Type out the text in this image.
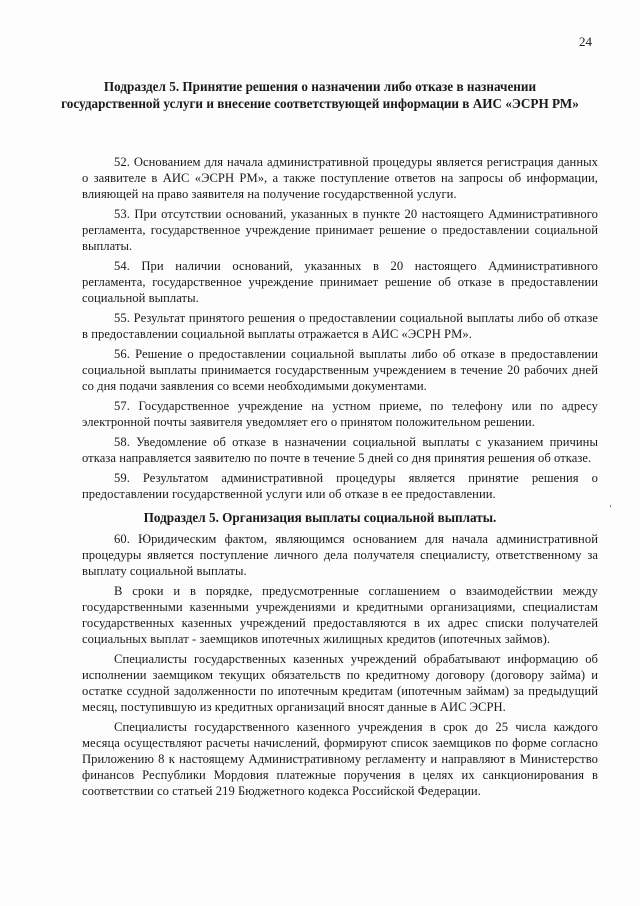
24
Подраздел 5. Принятие решения о назначении либо отказе в назначении государственной услуги и внесение соответствующей информации в АИС «ЭСРН РМ»

52. Основанием для начала административной процедуры является регистрация данных о заявителе в АИС «ЭСРН РМ», а также поступление ответов на запросы об информации, влияющей на право заявителя на получение государственной услуги.

53. При отсутствии оснований, указанных в пункте 20 настоящего Административного регламента, государственное учреждение принимает решение о предоставлении социальной выплаты.

54. При наличии оснований, указанных в 20 настоящего Административного регламента, государственное учреждение принимает решение об отказе в предоставлении социальной выплаты.

55. Результат принятого решения о предоставлении социальной выплаты либо об отказе в предоставлении социальной выплаты отражается в АИС «ЭСРН РМ».

56. Решение о предоставлении социальной выплаты либо об отказе в предоставлении социальной выплаты принимается государственным учреждением в течение 20 рабочих дней со дня подачи заявления со всеми необходимыми документами.

57. Государственное учреждение на устном приеме, по телефону или по адресу электронной почты заявителя уведомляет его о принятом положительном решении.

58. Уведомление об отказе в назначении социальной выплаты с указанием причины отказа направляется заявителю по почте в течение 5 дней со дня принятия решения об отказе.

59. Результатом административной процедуры является принятие решения о предоставлении государственной услуги или об отказе в ее предоставлении.

‘
Подраздел 5. Организация выплаты социальной выплаты.

60. Юридическим фактом, являющимся основанием для начала административной процедуры является поступление личного дела получателя специалисту, ответственному за выплату социальной выплаты.

В сроки и в порядке, предусмотренные соглашением о взаимодействии между государственными казенными учреждениями и кредитными организациями, специалистам государственных казенных учреждений предоставляются в их адрес списки получателей социальных выплат - заемщиков ипотечных жилищных кредитов (ипотечных займов).

Специалисты государственных казенных учреждений обрабатывают информацию об исполнении заемщиком текущих обязательств по кредитному договору (договору займа) и остатке ссудной задолженности по ипотечным кредитам (ипотечным займам) за предыдущий месяц, поступившую из кредитных организаций вносят данные в АИС ЭСРН.

Специалисты государственного казенного учреждения в срок до 25 числа каждого месяца осуществляют расчеты начислений, формируют список заемщиков по форме согласно Приложению 8 к настоящему Административному регламенту и направляют в Министерство финансов Республики Мордовия платежные поручения в целях их санкционирования в соответствии со статьей 219 Бюджетного кодекса Российской Федерации.
